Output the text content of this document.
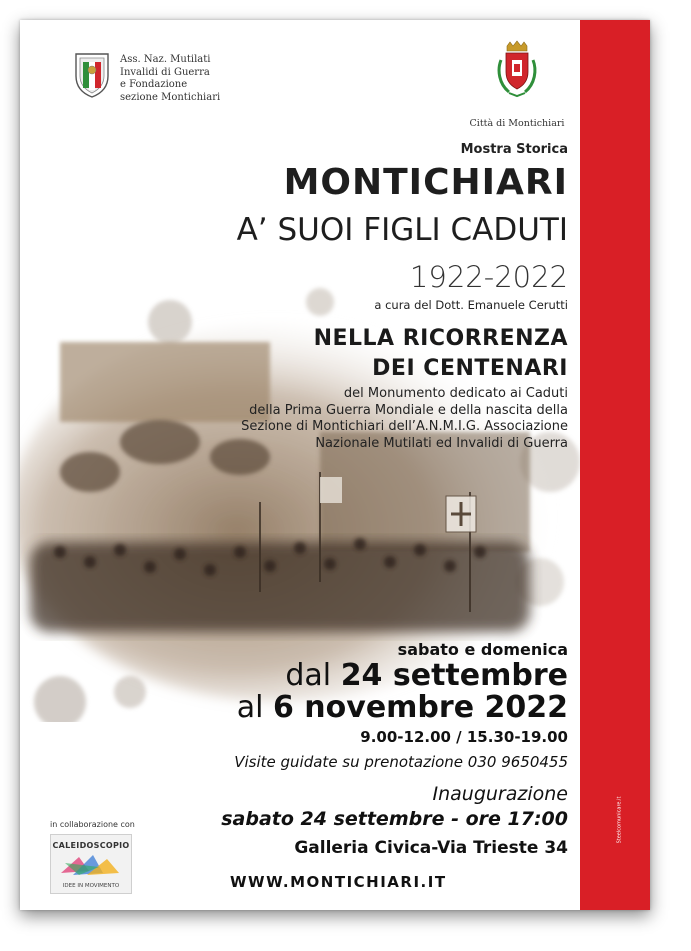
Steelcomunicare.it
Ass. Naz. Mutilati
Invalidi di Guerra
e Fondazione
sezione Montichiari
Città di Montichiari
Mostra Storica
MONTICHIARI
A’ SUOI FIGLI CADUTI
1922-2022
a cura del Dott. Emanuele Cerutti
NELLA RICORRENZA
DEI CENTENARI
del Monumento dedicato ai Caduti
della Prima Guerra Mondiale e della nascita della
Sezione di Montichiari dell’A.N.M.I.G. Associazione
Nazionale Mutilati ed Invalidi di Guerra
sabato e domenica
dal 24 settembre
al 6 novembre 2022
9.00-12.00 / 15.30-19.00
Visite guidate su prenotazione 030 9650455
Inaugurazione
sabato 24 settembre - ore 17:00
Galleria Civica-Via Trieste 34
WWW.MONTICHIARI.IT
in collaborazione con
CALEIDOSCOPIO
IDEE IN MOVIMENTO
